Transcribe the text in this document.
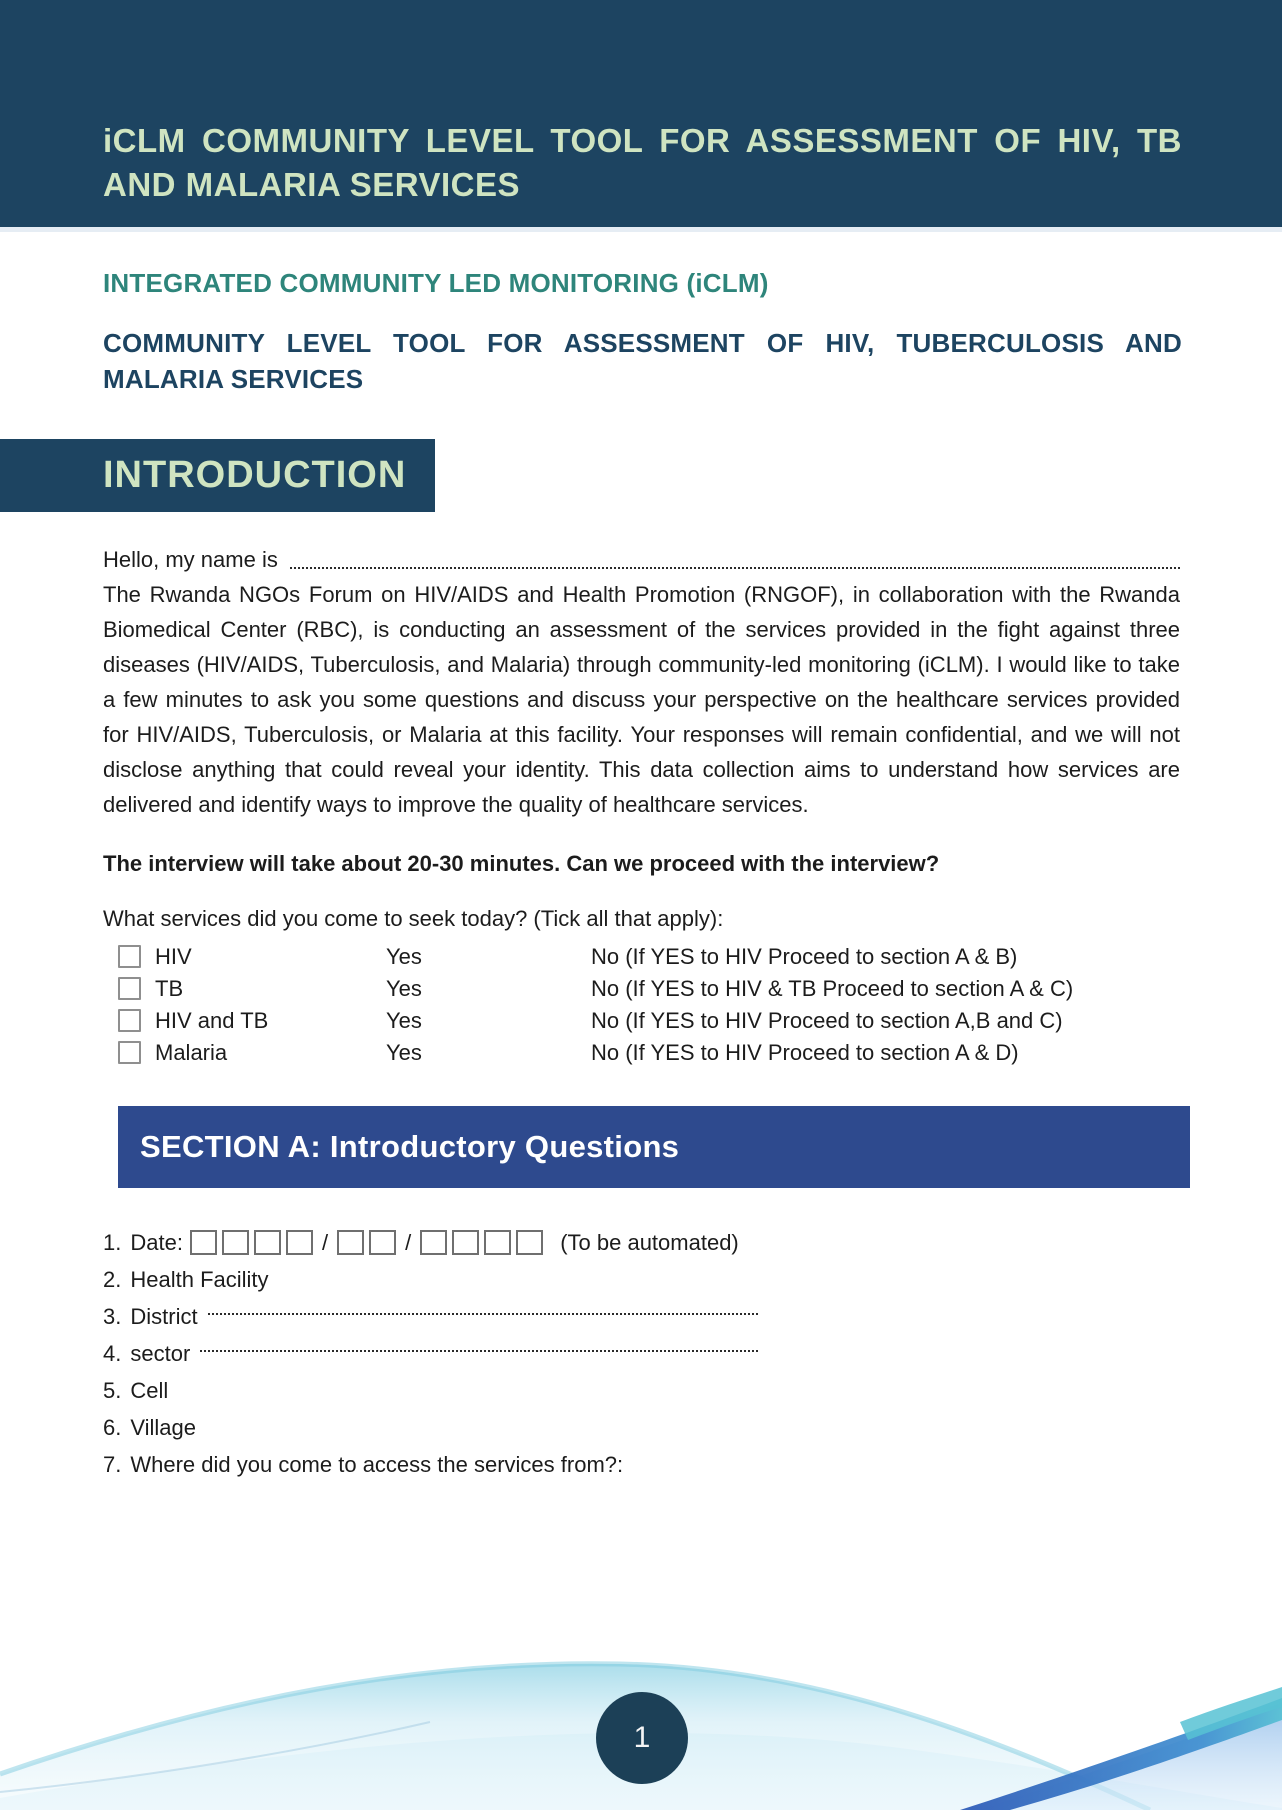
iCLM COMMUNITY LEVEL TOOL FOR ASSESSMENT OF HIV, TB AND MALARIA SERVICES
INTEGRATED COMMUNITY LED MONITORING (iCLM)
COMMUNITY LEVEL TOOL FOR ASSESSMENT OF HIV, TUBERCULOSIS AND MALARIA SERVICES
INTRODUCTION
Hello, my name is

The Rwanda NGOs Forum on HIV/AIDS and Health Promotion (RNGOF), in collaboration with the Rwanda Biomedical Center (RBC), is conducting an assessment of the services provided in the fight against three diseases (HIV/AIDS, Tuberculosis, and Malaria) through community-led monitoring (iCLM). I would like to take a few minutes to ask you some questions and discuss your perspective on the healthcare services provided for HIV/AIDS, Tuberculosis, or Malaria at this facility. Your responses will remain confidential, and we will not disclose anything that could reveal your identity. This data collection aims to understand how services are delivered and identify ways to improve the quality of healthcare services.

The interview will take about 20-30 minutes. Can we proceed with the interview?

What services did you come to seek today? (Tick all that apply):

HIV	Yes	No (If YES to HIV Proceed to section A & B)
TB	Yes	No (If YES to HIV & TB Proceed to section A & C)
HIV and TB	Yes	No (If YES to HIV Proceed to section A,B and C)
Malaria	Yes	No (If YES to HIV Proceed to section A & D)
SECTION A: Introductory Questions
1. Date:	/	/	(To be automated)
2. Health Facility
3. District
4. sector
5. Cell
6. Village
7. Where did you come to access the services from?:
1
